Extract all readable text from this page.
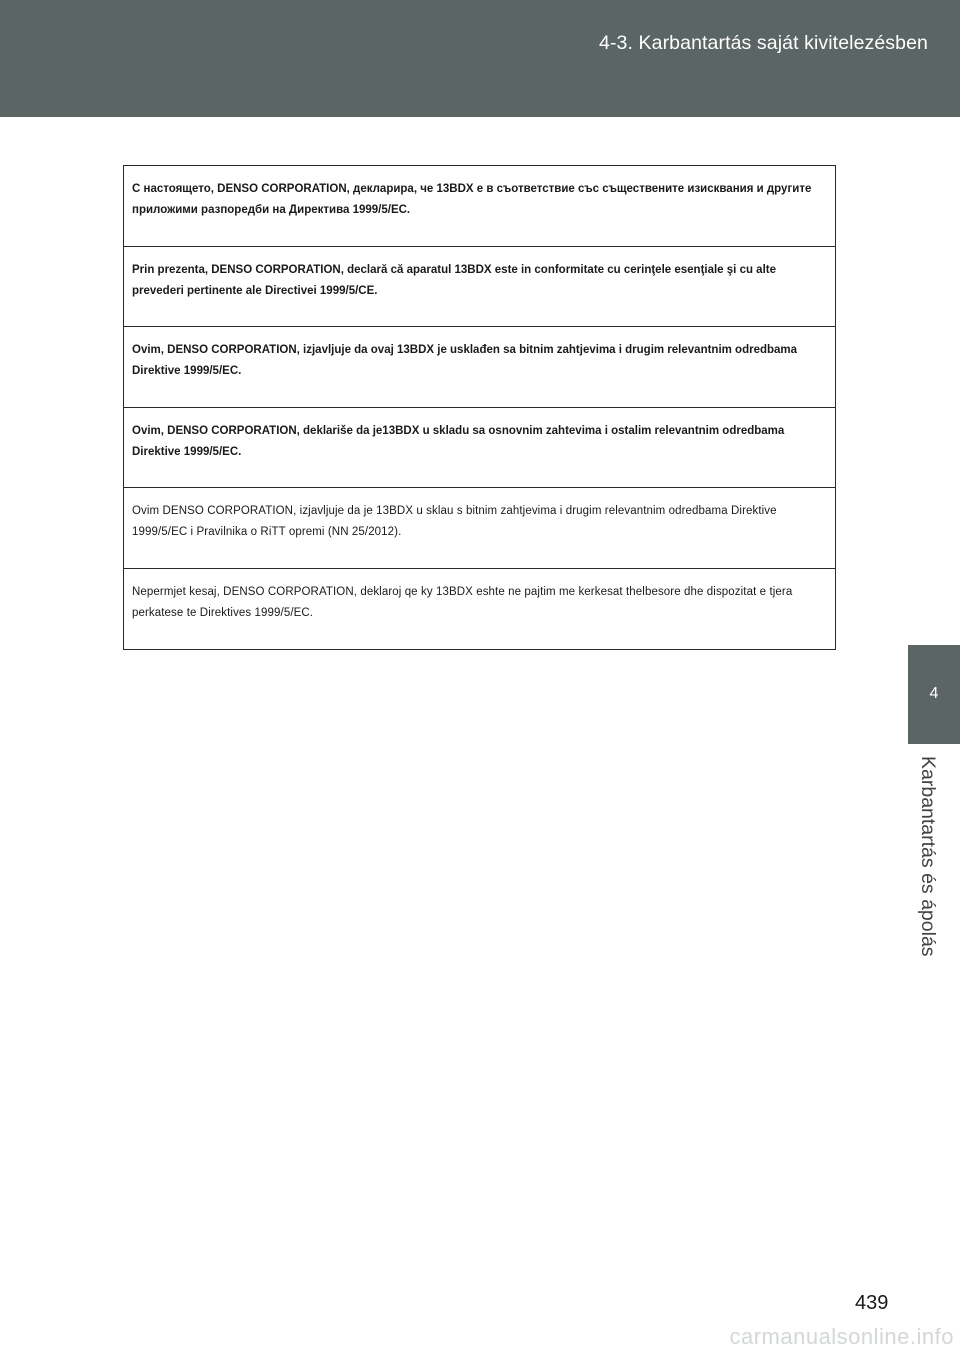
4-3. Karbantartás saját kivitelezésben
4
Karbantartás és ápolás
С настоящето, DENSO CORPORATION, декларира, че 13BDX е в съответствие със съществените изисквания и другите приложими разпоредби на Директива 1999/5/EC.
Prin prezenta, DENSO CORPORATION, declară că aparatul 13BDX este in conformitate cu cerinţele esenţiale şi cu alte prevederi pertinente ale Directivei 1999/5/CE.
Ovim, DENSO CORPORATION, izjavljuje da ovaj 13BDX je usklađen sa bitnim zahtjevima i drugim relevantnim odredbama Direktive 1999/5/EC.
Ovim, DENSO CORPORATION, deklariše da je13BDX u skladu sa osnovnim zahtevima i ostalim relevantnim odredbama Direktive 1999/5/EC.
Ovim DENSO CORPORATION, izjavljuje da je 13BDX u sklau s bitnim zahtjevima i drugim relevantnim odredbama Direktive 1999/5/EC i Pravilnika o RiTT opremi (NN 25/2012).
Nepermjet kesaj, DENSO CORPORATION, deklaroj qe ky 13BDX eshte ne pajtim me kerkesat thelbesore dhe dispozitat e tjera perkatese te Direktives 1999/5/EC.
439
carmanualsonline.info
